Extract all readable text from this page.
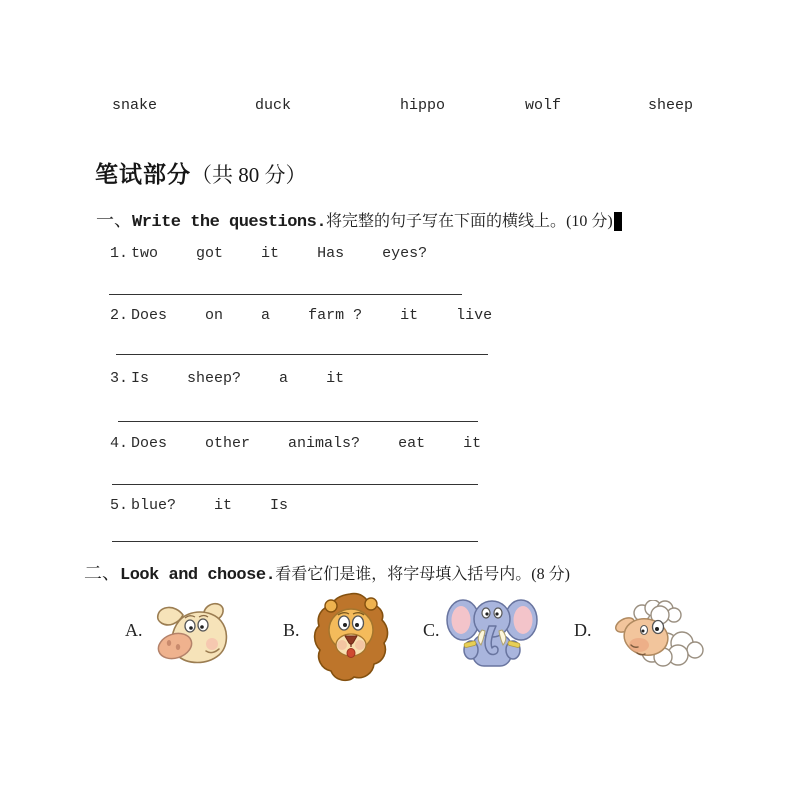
snake	duck	hippo	wolf	sheep
笔试部分（共 80 分）
一、Write the questions.将完整的句子写在下面的横线上。(10 分)
1. two	got	it	Has	eyes?
2. Does	on	a	farm ?	it	live
3. Is	sheep?	a	it
4. Does	other	animals?	eat	it
5. blue?	it	Is
二、Look and choose.看看它们是谁，将字母填入括号内。(8 分)
A.	B.	C.	D.
